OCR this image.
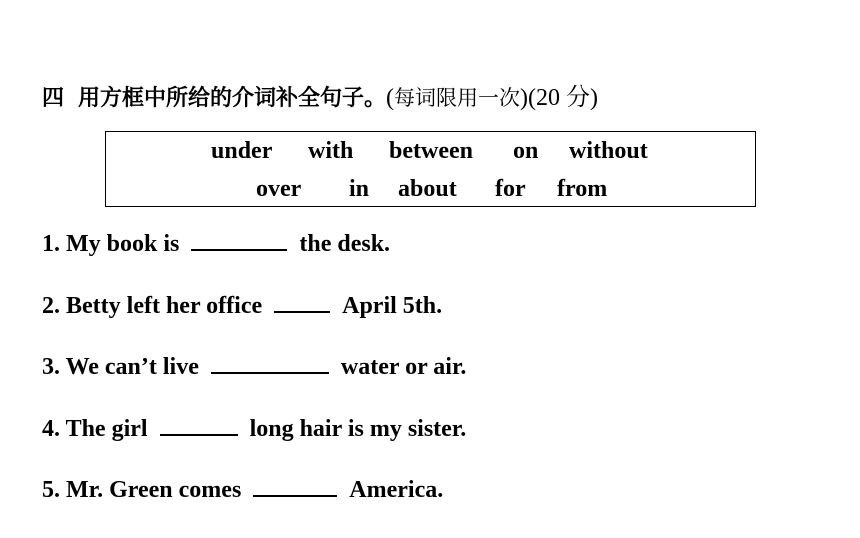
四 用方框中所给的介词补全句子。(每词限用一次)(20 分)
under with between on without
over in about for from
1. My book is	the desk.
2. Betty left her office	April 5th.
3. We can’t live	water or air.
4. The girl	long hair is my sister.
5. Mr. Green comes	America.
